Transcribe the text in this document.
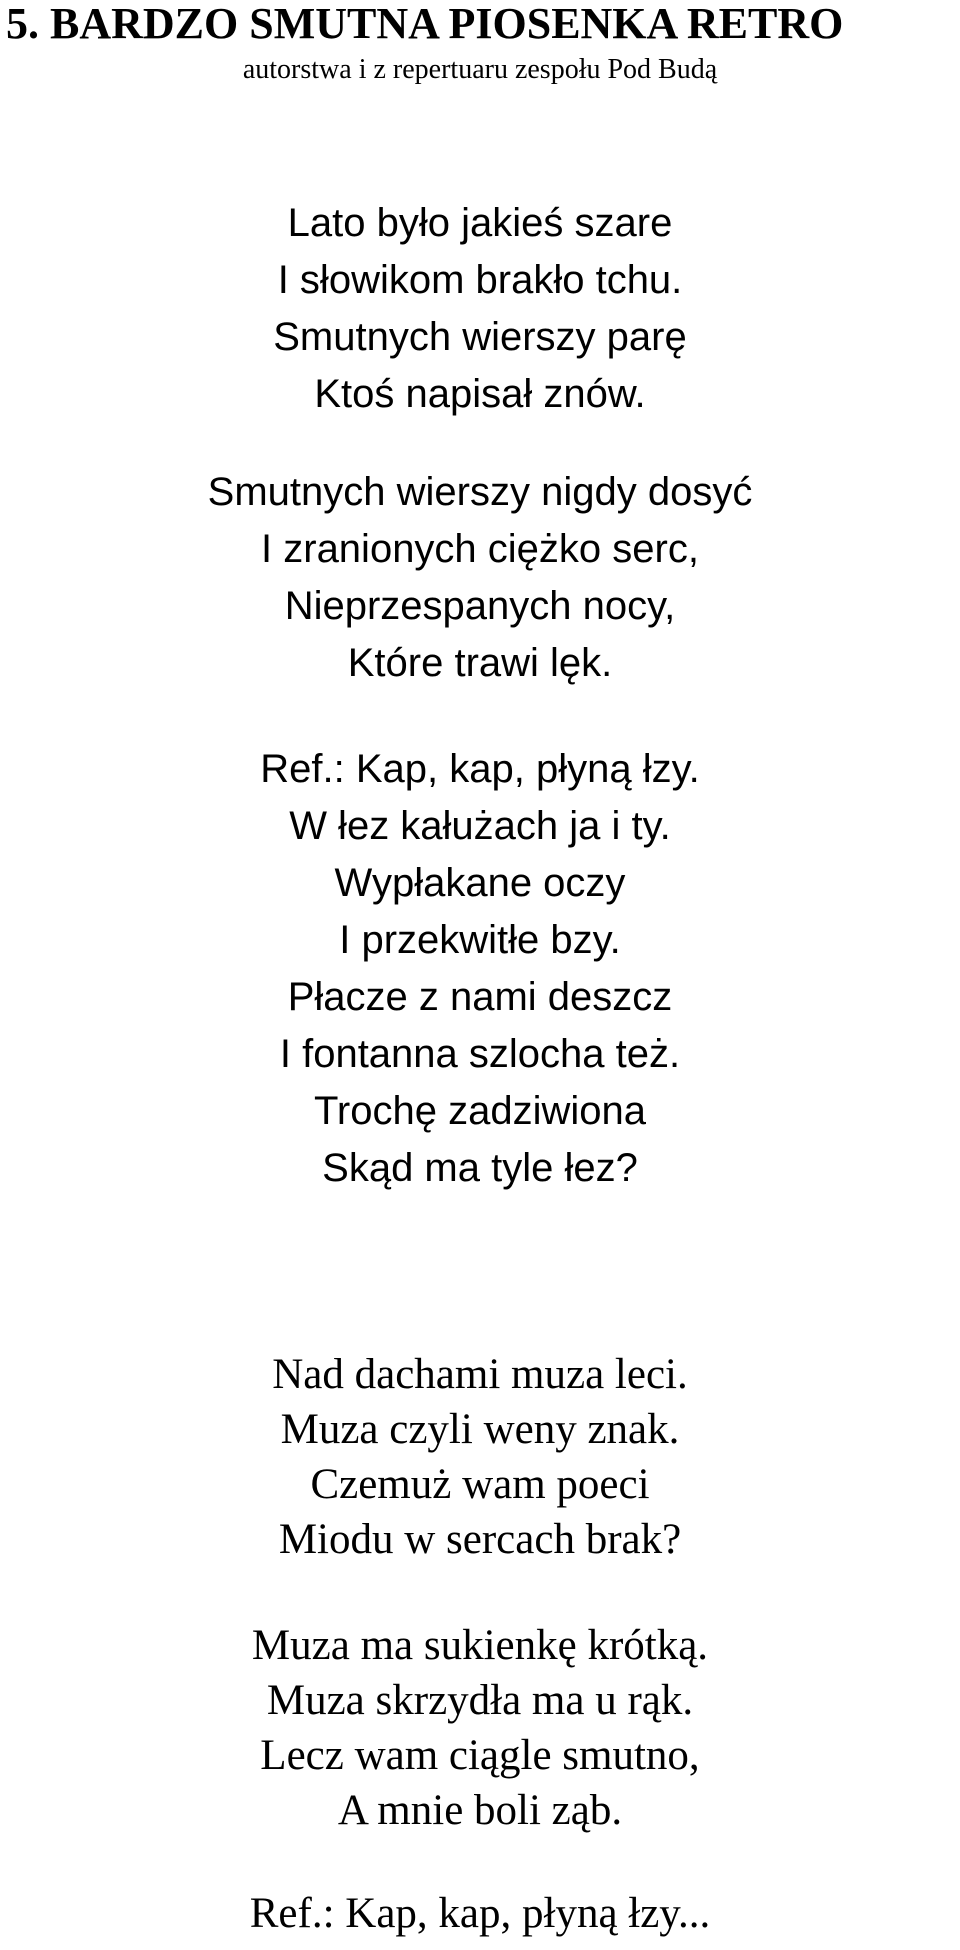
5. BARDZO SMUTNA PIOSENKA RETRO

autorstwa i z repertuaru zespołu Pod Budą

Lato było jakieś szare
I słowikom brakło tchu.
Smutnych wierszy parę
Ktoś napisał znów.
Smutnych wierszy nigdy dosyć
I zranionych ciężko serc,
Nieprzespanych nocy,
Które trawi lęk.
Ref.: Kap, kap, płyną łzy.
W łez kałużach ja i ty.
Wypłakane oczy
I przekwitłe bzy.
Płacze z nami deszcz
I fontanna szlocha też.
Trochę zadziwiona
Skąd ma tyle łez?
Nad dachami muza leci.
Muza czyli weny znak.
Czemuż wam poeci
Miodu w sercach brak?
Muza ma sukienkę krótką.
Muza skrzydła ma u rąk.
Lecz wam ciągle smutno,
A mnie boli ząb.
Ref.: Kap, kap, płyną łzy...
